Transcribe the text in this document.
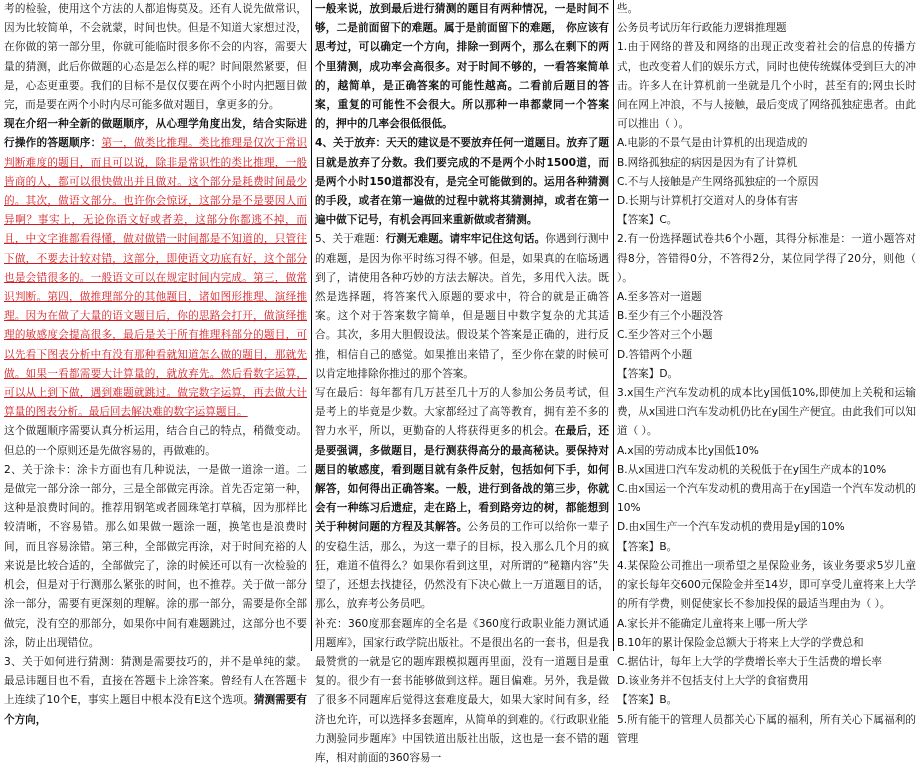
考的检验，使用这个方法的人都追悔莫及。还有人说先做常识，因为比较简单，不会就蒙，时间也快。但是不知道大家想过没，在你做的第一部分里，你就可能临时很多你不会的内容，需要大量的猜测，此后你做题的心态是怎么样的呢？时间限然紧要，但是，心态更重要。我们的目标不是仅仅要在两个小时内把题目做完，而是要在两个小时内尽可能多做对题目，拿更多的分。

现在介绍一种全新的做题顺序，从心理学角度出发，结合实际进行操作的答题顺序：第一，做类比推理。类比推理是仅次于常识判断难度的题目，而且可以说，除非是常识性的类比推理，一般皆商的人，都可以很快做出并且做对。这个部分是耗费时间最少的。其次，做语文部分。也许你会惊讶，这部分是不是要因人而异啊？事实上，无论你语文好或者差，这部分你都逃不掉，而且，中文字谁都看得懂，做对做错一时间都是不知道的，只管往下做，不要去计较对错，这部分，即使语文功底有好，这个部分也是会错很多的。一般语文可以在规定时间内完成。第三，做常识判断。第四，做推理部分的其他题目，诸如图形推理、演绎推理。因为在做了大量的语文题目后，你的思路会打开，做演绎推理的敏感度会提高很多，最后是关于所有推理科部分的题目，可以先看下图表分析中有没有那种看就知道怎么做的题目，那就先做。如果一看都需要大计算量的，就放弃先。然后看数字运算，可以从上到下做，遇到难题就跳过。做完数字运算，再去做大计算量的图表分析。最后回去解决难的数字运算题目。

这个做题顺序需要认真分析运用，结合自己的特点，稍微变动。但总的一个原则还是先做容易的，再做难的。

2、关于涂卡：涂卡方面也有几种说法，一是做一道涂一道。二是做完一部分涂一部分，三是全部做完再涂。首先否定第一种，这种是浪费时间的。推荐用钢笔或者圆珠笔打草稿，因为那样比较清晰，不容易错。那么如果做一题涂一题，换笔也是浪费时间，而且容易涂错。第三种，全部做完再涂，对于时间充裕的人来说是比较合适的，全部做完了，涂的时候还可以有一次检验的机会，但是对于行测那么紧张的时间，也不推荐。关于做一部分涂一部分，需要有更深刻的理解。涂的那一部分，需要是你全部做完，没有空的那部分，如果你中间有难题跳过，这部分也不要涂，防止出现错位。

3、关于如何进行猜测：猜测是需要技巧的，并不是单纯的蒙。最忌讳题目也不看，直接在答题卡上涂答案。曾经有人在答题卡上连续了10个E，事实上题目中根本没有E这个选项。猜测需要有个方向，

一般来说，放到最后进行猜测的题目有两种情况，一是时间不够，二是前面留下的难题。属于是前面留下的难题， 你应该有思考过，可以确定一个方向，排除一到两个，那么在剩下的两个里猜测，成功率会高很多。对于时间不够的，一看答案简单的，越简单，是正确答案的可能性越高。二看前后题目的答案，重复的可能性不会很大。所以那种一串都蒙同一个答案的，押中的几率会很低很低。

4、关于放弃：天天的建议是不要放弃任何一道题目。放弃了题目就是放弃了分数。我们要完成的不是两个小时1500道，而是两个小时150道都没有，是完全可能做到的。运用各种猜测的手段，或者在第一遍做的过程中就将其猜测掉，或者在第一遍中做下记号，有机会再回来重新做或者猜测。

5、关于难题：行测无难题。请牢牢记住这句话。你遇到行测中的难题，是因为你平时练习得不够。但是，如果真的在临场遇到了，请使用各种巧妙的方法去解决。首先，多用代入法。既然是选择题，将答案代入原题的要求中，符合的就是正确答案。这个对于答案数字简单，但是题目中数字复杂的尤其适合。其次，多用大胆假设法。假设某个答案是正确的，进行反推，相信自己的感觉。如果推出来错了，至少你在蒙的时候可以肯定地排除你推过的那个答案。

写在最后：每年都有几万甚至几十万的人参加公务员考试，但是考上的毕竟是少数。大家都经过了高等教育，拥有差不多的智力水平，所以，更勤奋的人将获得更多的机会。在最后，还是要强调，多做题目，是行测获得高分的最高秘诀。要保持对题目的敏感度，看到题目就有条件反射，包括如何下手，如何解答，如何得出正确答案。一般，进行到备战的第三步，你就会有一种练习后遗症，走在路上，看到路旁边的树，都能想到关于种树问题的方程及其解答。公务员的工作可以给你一辈子的安稳生活，那么，为这一辈子的目标，投入那么几个月的疯狂，难道不值得么？如果你看到这里，对所谓的“秘籍内容”失望了，还想去找捷径，仍然没有下决心做上一万道题目的话，那么，放弃考公务员吧。

补充：360度那套题库的全名是《360度行政职业能力测试通用题库》，国家行政学院出版社。不是很出名的一套书，但是我最赞赏的一就是它的题库跟模拟题再里面，没有一道题目是重复的。很少有一套书能够做到这样。题目偏难。另外，我是做了很多不同题库后觉得这套难度最大，如果大家时间有多，经济也允许，可以选择多套题库，从简单的到难的。《行政职业能力测验同步题库》中国铁道出版社出版，这也是一套不错的题库，相对前面的360容易一

些。

公务员考试历年行政能力逻辑推理题

1.由于网络的普及和网络的出现正改变着社会的信息的传播方式，也改变着人们的娱乐方式，同时也使传统媒体受到巨大的冲击。许多人在计算机前一坐就是几个小时，甚至有的;网虫长时间在网上冲浪，不与人接触，最后变成了网络孤独症患者。由此可以推出（ ）。

A.电影的不景气是由计算机的出现造成的

B.网络孤独症的病因是因为有了计算机

C.不与人接触是产生网络孤独症的一个原因

D.长期与计算机打交道对人的身体有害

【答案】C。

2.有一份选择题试卷共6个小题，其得分标准是：一道小题答对得8分，答错得0分，不答得2分，某位同学得了20分，则他（ ）。

A.至多答对一道题

B.至少有三个小题没答

C.至少答对三个小题

D.答错两个小题

【答案】D。

3.x国生产汽车发动机的成本比y国低10%,即使加上关税和运输费，从x国进口汽车发动机仍比在y国生产便宜。由此我们可以知道（ ）。

A.x国的劳动成本比y国低10%

B.从x国进口汽车发动机的关税低于在y国生产成本的10%

C.由x国运一个汽车发动机的费用高于在y国造一个汽车发动机的10%

D.由x国生产一个汽车发动机的费用是y国的10%

【答案】B。

4.某保险公司推出一项希望之星保险业务，该业务要求5岁儿童的家长每年交600元保险金并至14岁，即可享受儿童将来上大学的所有学费，则促使家长不参加投保的最适当理由为（ ）。

A.家长并不能确定儿童将来上哪一所大学

B.10年的累计保险金总额大于将来上大学的学费总和

C.据估计，每年上大学的学费增长率大于生活费的增长率

D.该业务并不包括支付上大学的食宿费用

【答案】B。

5.所有能干的管理人员都关心下属的福利，所有关心下属福利的管理
